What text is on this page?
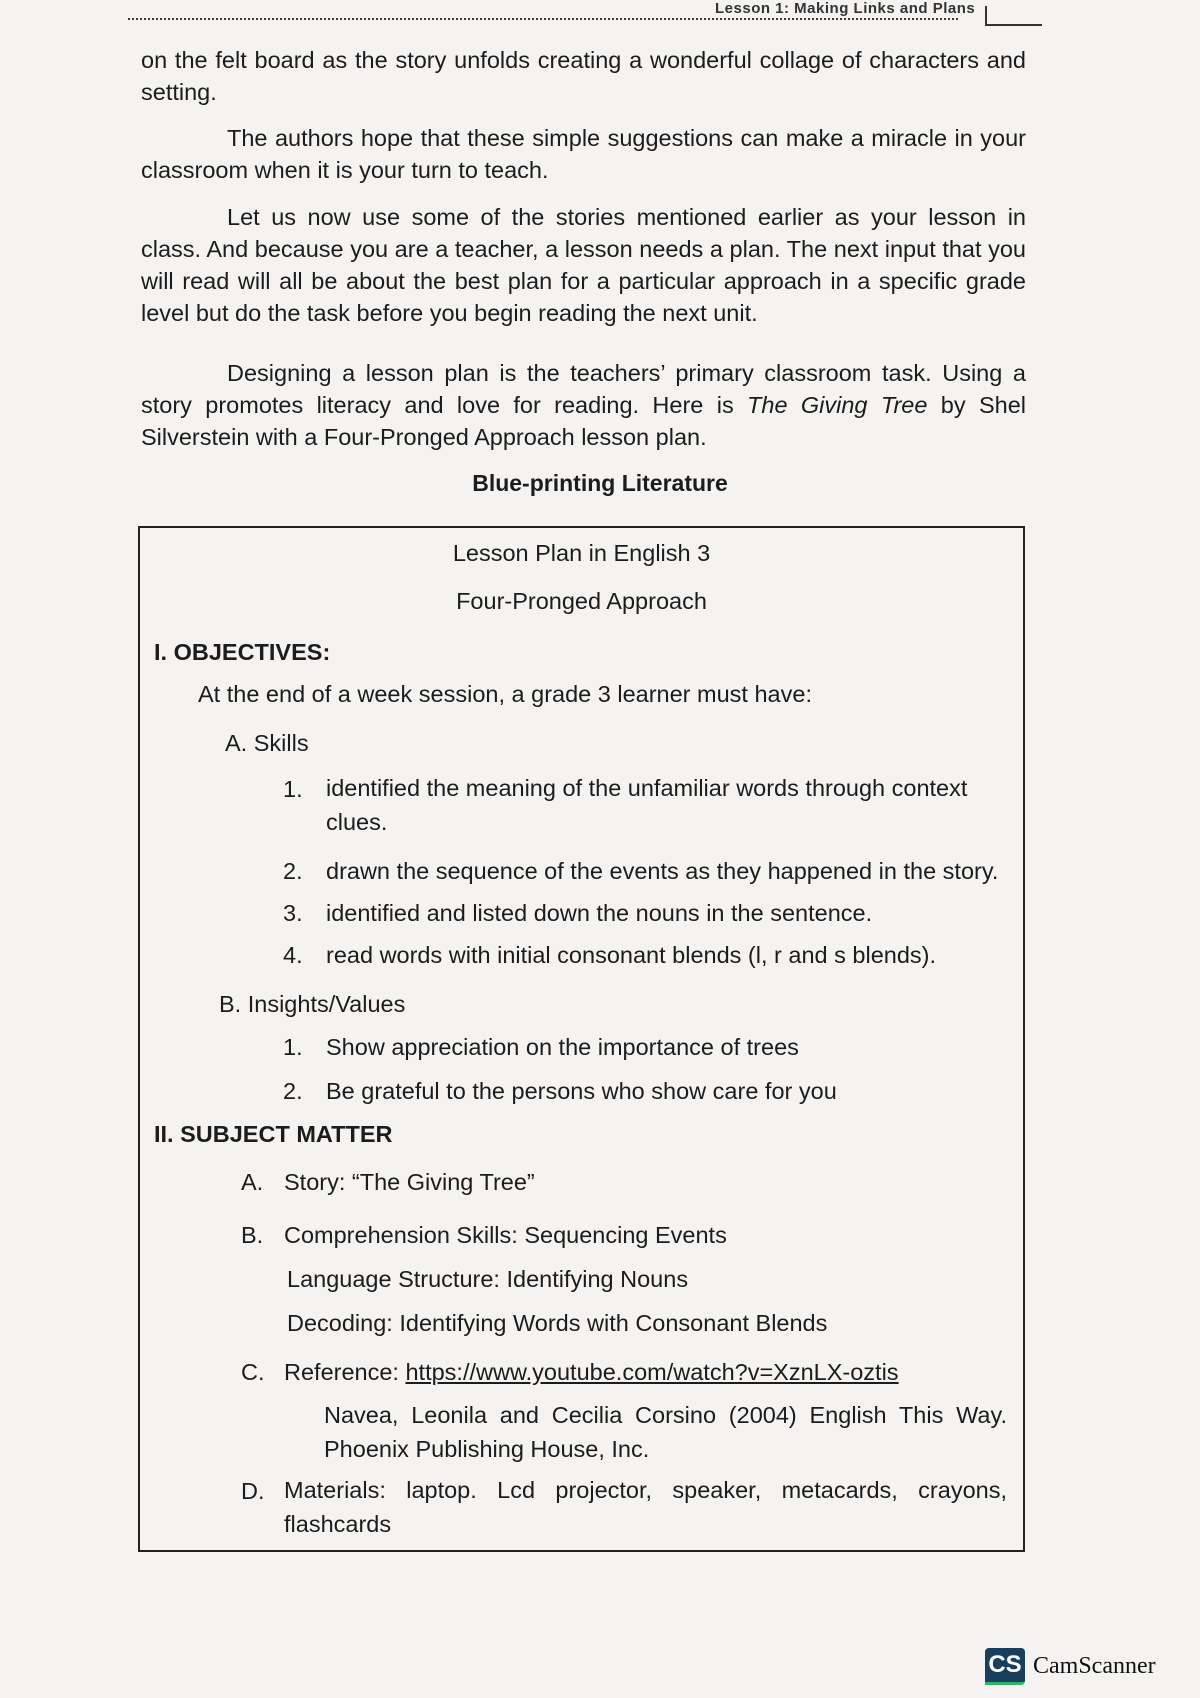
Lesson 1: Making Links and Plans

on the felt board as the story unfolds creating a wonderful collage of characters and setting.

The authors hope that these simple suggestions can make a miracle in your classroom when it is your turn to teach.

Let us now use some of the stories mentioned earlier as your lesson in class. And because you are a teacher, a lesson needs a plan. The next input that you will read will all be about the best plan for a particular approach in a specific grade level but do the task before you begin reading the next unit.

Designing a lesson plan is the teachers’ primary classroom task. Using a story promotes literacy and love for reading. Here is The Giving Tree by Shel Silverstein with a Four-Pronged Approach lesson plan.

Blue-printing Literature
Lesson Plan in English 3
Four-Pronged Approach
I. OBJECTIVES:
At the end of a week session, a grade 3 learner must have:
A. Skills
1. identified the meaning of the unfamiliar words through context clues.
2. drawn the sequence of the events as they happened in the story.
3. identified and listed down the nouns in the sentence.
4. read words with initial consonant blends (l, r and s blends).
B. Insights/Values
1. Show appreciation on the importance of trees
2. Be grateful to the persons who show care for you
II. SUBJECT MATTER
A. Story: “The Giving Tree”
B. Comprehension Skills: Sequencing Events
Language Structure: Identifying Nouns
Decoding: Identifying Words with Consonant Blends
C. Reference: https://www.youtube.com/watch?v=XznLX-oztis
Navea, Leonila and Cecilia Corsino (2004) English This Way. Phoenix Publishing House, Inc.
D. Materials: laptop. Lcd projector, speaker, metacards, crayons, flashcards
CS CamScanner
